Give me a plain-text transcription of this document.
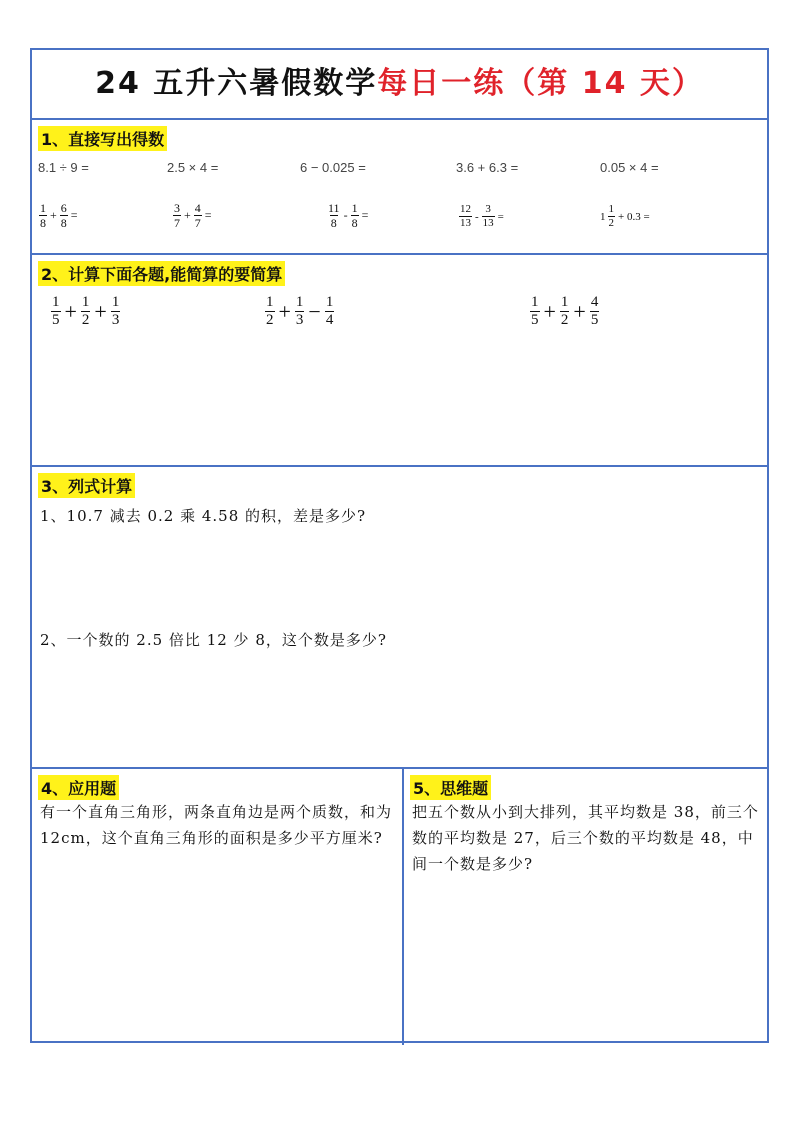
24 五升六暑假数学每日一练（第 14 天）
1、直接写出得数
8.1 ÷ 9 =	2.5 × 4 =	6 − 0.025 =	3.6 + 6.3 =	0.05 × 4 =
$\frac{1}{8} + \frac{6}{8}$ =	$\frac{3}{7} + \frac{4}{7}$ =	$\frac{11}{8} - \frac{1}{8}$ =	$\frac{12}{13} - \frac{3}{13}$ =	$1 \frac{1}{2} + 0.3$ =
2、计算下面各题,能简算的要简算
$\frac{1}{5} + \frac{1}{2} + \frac{1}{3}$	$\frac{1}{2} + \frac{1}{3} - \frac{1}{4}$	$\frac{1}{5} + \frac{1}{2} + \frac{4}{5}$
3、列式计算
1、10.7 减去 0.2 乘 4.58 的积，差是多少?
2、一个数的 2.5 倍比 12 少 8，这个数是多少?
4、应用题
有一个直角三角形，两条直角边是两个质数，和为 12cm，这个直角三角形的面积是多少平方厘米?
5、思维题
把五个数从小到大排列，其平均数是 38，前三个数的平均数是 27，后三个数的平均数是 48，中间一个数是多少?
